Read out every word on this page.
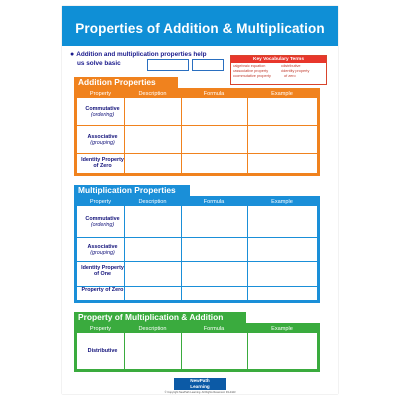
Properties of Addition & Multiplication
● Addition and multiplication properties help
us solve basic
Key Vocabulary Terms
• algebraic equation	• distributive
• associative property	• identity property
• commutative property	of zero
Addition Properties
Property	Description	Formula	Example
Commutative
(ordering)
Associative
(grouping)
Identity Property of Zero
Multiplication Properties
Property	Description	Formula	Example
Commutative
(ordering)
Associative
(grouping)
Identity Property of One
Property of Zero
Property of Multiplication & Addition
Property	Description	Formula	Example
Distributive
NewPath
Learning
© Copyright NewPath Learning. All Rights Reserved. 93-4443
